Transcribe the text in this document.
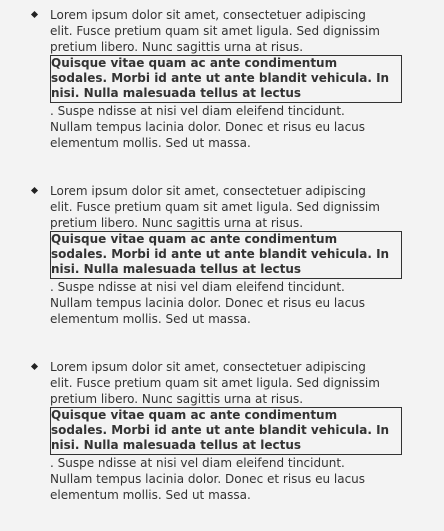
Lorem ipsum dolor sit amet, consectetuer adipiscing
elit. Fusce pretium quam sit amet ligula. Sed dignissim
pretium libero. Nunc sagittis urna at risus.

Quisque vitae quam ac ante condimentum
sodales. Morbi id ante ut ante blandit vehicula. In
nisi. Nulla malesuada tellus at lectus

. Suspe ndisse at nisi vel diam eleifend tincidunt.
Nullam tempus lacinia dolor. Donec et risus eu lacus
elementum mollis. Sed ut massa.

Lorem ipsum dolor sit amet, consectetuer adipiscing
elit. Fusce pretium quam sit amet ligula. Sed dignissim
pretium libero. Nunc sagittis urna at risus.

Quisque vitae quam ac ante condimentum
sodales. Morbi id ante ut ante blandit vehicula. In
nisi. Nulla malesuada tellus at lectus

. Suspe ndisse at nisi vel diam eleifend tincidunt.
Nullam tempus lacinia dolor. Donec et risus eu lacus
elementum mollis. Sed ut massa.

Lorem ipsum dolor sit amet, consectetuer adipiscing
elit. Fusce pretium quam sit amet ligula. Sed dignissim
pretium libero. Nunc sagittis urna at risus.

Quisque vitae quam ac ante condimentum
sodales. Morbi id ante ut ante blandit vehicula. In
nisi. Nulla malesuada tellus at lectus

. Suspe ndisse at nisi vel diam eleifend tincidunt.
Nullam tempus lacinia dolor. Donec et risus eu lacus
elementum mollis. Sed ut massa.
